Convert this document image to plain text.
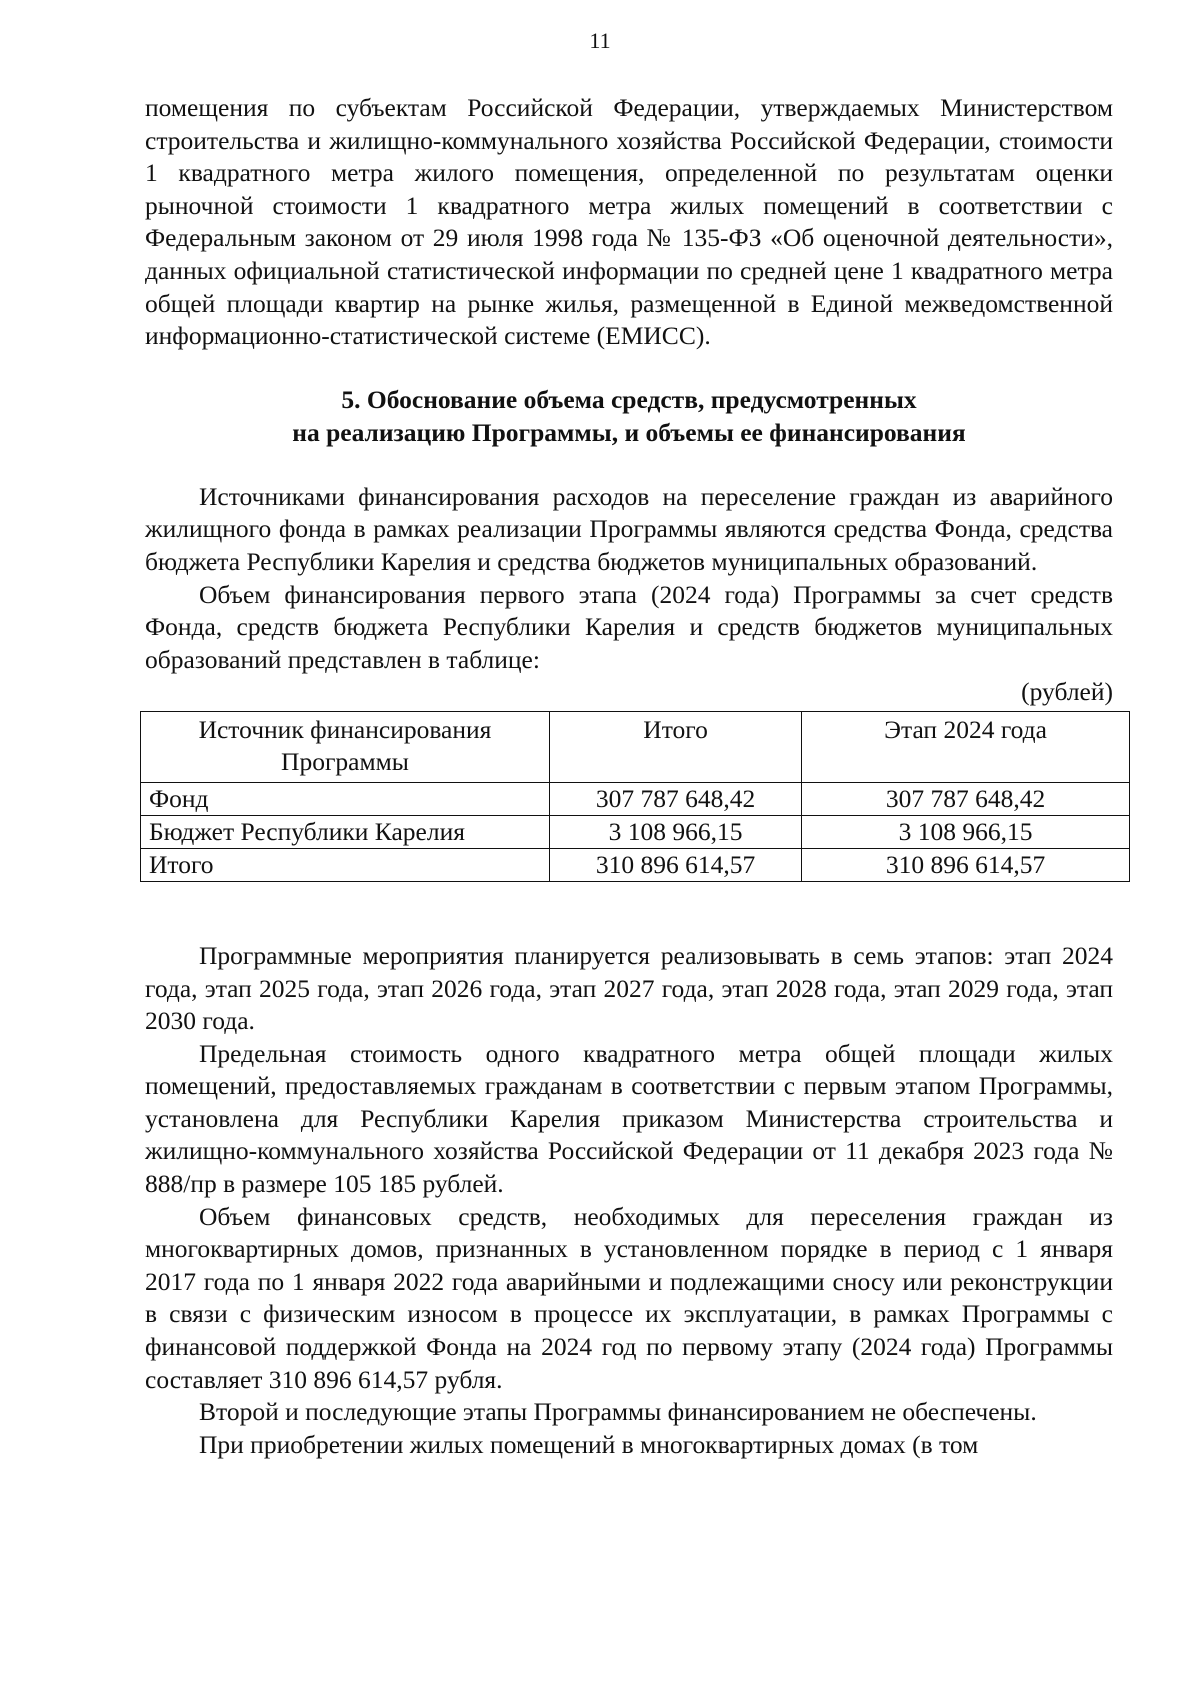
11

помещения по субъектам Российской Федерации, утверждаемых Министерством строительства и жилищно-коммунального хозяйства Российской Федерации, стоимости 1 квадратного метра жилого помещения, определенной по результатам оценки рыночной стоимости 1 квадратного метра жилых помещений в соответствии с Федеральным законом от 29 июля 1998 года № 135-ФЗ «Об оценочной деятельности», данных официальной статистической информации по средней цене 1 квадратного метра общей площади квартир на рынке жилья, размещенной в Единой межведомственной информационно-статистической системе (ЕМИСС).

5. Обоснование объема средств, предусмотренных
на реализацию Программы, и объемы ее финансирования

Источниками финансирования расходов на переселение граждан из аварийного жилищного фонда в рамках реализации Программы являются средства Фонда, средства бюджета Республики Карелия и средства бюджетов муниципальных образований.

Объем финансирования первого этапа (2024 года) Программы за счет средств Фонда, средств бюджета Республики Карелия и средств бюджетов муниципальных образований представлен в таблице:

(рублей)
Источник финансирования Программы	Итого	Этап 2024 года
Фонд	307 787 648,42	307 787 648,42
Бюджет Республики Карелия	3 108 966,15	3 108 966,15
Итого	310 896 614,57	310 896 614,57

Программные мероприятия планируется реализовывать в семь этапов: этап 2024 года, этап 2025 года, этап 2026 года, этап 2027 года, этап 2028 года, этап 2029 года, этап 2030 года.

Предельная стоимость одного квадратного метра общей площади жилых помещений, предоставляемых гражданам в соответствии с первым этапом Программы, установлена для Республики Карелия приказом Министерства строительства и жилищно-коммунального хозяйства Российской Федерации от 11 декабря 2023 года № 888/пр в размере 105 185 рублей.

Объем финансовых средств, необходимых для переселения граждан из многоквартирных домов, признанных в установленном порядке в период с 1 января 2017 года по 1 января 2022 года аварийными и подлежащими сносу или реконструкции в связи с физическим износом в процессе их эксплуатации, в рамках Программы с финансовой поддержкой Фонда на 2024 год по первому этапу (2024 года) Программы составляет 310 896 614,57 рубля.

Второй и последующие этапы Программы финансированием не обеспечены.

При приобретении жилых помещений в многоквартирных домах (в том
